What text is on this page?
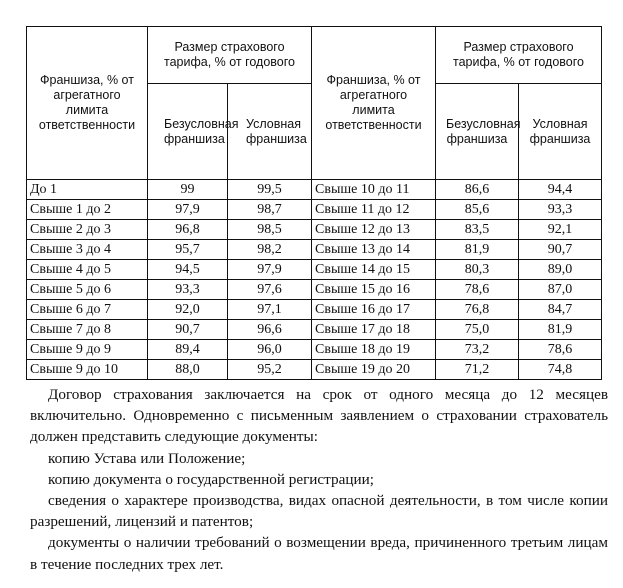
Франшиза, % от агрегатного лимита ответственности	Размер страхового тарифа, % от годового		Франшиза, % от агрегатного лимита ответственности	Размер страхового тарифа, % от годового	
	Безусловная франшиза	Условная франшиза		Безусловная франшиза	Условная франшиза
До 1	99	99,5	Свыше 10 до 11	86,6	94,4
Свыше 1 до 2	97,9	98,7	Свыше 11 до 12	85,6	93,3
Свыше 2 до 3	96,8	98,5	Свыше 12 до 13	83,5	92,1
Свыше 3 до 4	95,7	98,2	Свыше 13 до 14	81,9	90,7
Свыше 4 до 5	94,5	97,9	Свыше 14 до 15	80,3	89,0
Свыше 5 до 6	93,3	97,6	Свыше 15 до 16	78,6	87,0
Свыше 6 до 7	92,0	97,1	Свыше 16 до 17	76,8	84,7
Свыше 7 до 8	90,7	96,6	Свыше 17 до 18	75,0	81,9
Свыше 9 до 9	89,4	96,0	Свыше 18 до 19	73,2	78,6
Свыше 9 до 10	88,0	95,2	Свыше 19 до 20	71,2	74,8

Договор страхования заключается на срок от одного месяца до 12 месяцев включительно. Одновременно с письменным заявлением о страховании страхователь должен представить следующие документы:

копию Устава или Положение;

копию документа о государственной регистрации;

сведения о характере производства, видах опасной деятельности, в том числе копии разрешений, лицензий и патентов;

документы о наличии требований о возмещении вреда, причиненного третьим лицам в течение последних трех лет.
